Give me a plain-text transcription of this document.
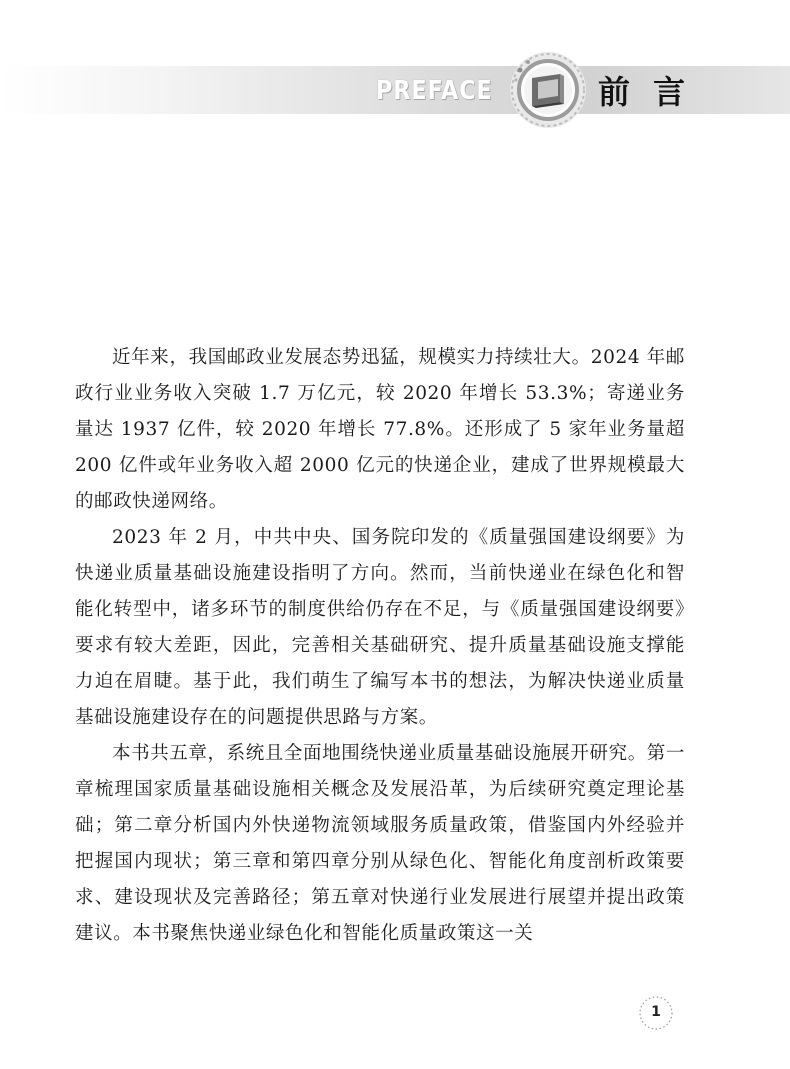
PREFACE	前 言

近年来，我国邮政业发展态势迅猛，规模实力持续壮大。2024 年邮政行业业务收入突破 1.7 万亿元，较 2020 年增长 53.3%；寄递业务量达 1937 亿件，较 2020 年增长 77.8%。还形成了 5 家年业务量超 200 亿件或年业务收入超 2000 亿元的快递企业，建成了世界规模最大的邮政快递网络。

2023 年 2 月，中共中央、国务院印发的《质量强国建设纲要》为快递业质量基础设施建设指明了方向。然而，当前快递业在绿色化和智能化转型中，诸多环节的制度供给仍存在不足，与《质量强国建设纲要》要求有较大差距，因此，完善相关基础研究、提升质量基础设施支撑能力迫在眉睫。基于此，我们萌生了编写本书的想法，为解决快递业质量基础设施建设存在的问题提供思路与方案。

本书共五章，系统且全面地围绕快递业质量基础设施展开研究。第一章梳理国家质量基础设施相关概念及发展沿革，为后续研究奠定理论基础；第二章分析国内外快递物流领域服务质量政策，借鉴国内外经验并把握国内现状；第三章和第四章分别从绿色化、智能化角度剖析政策要求、建设现状及完善路径；第五章对快递行业发展进行展望并提出政策建议。本书聚焦快递业绿色化和智能化质量政策这一关

1
